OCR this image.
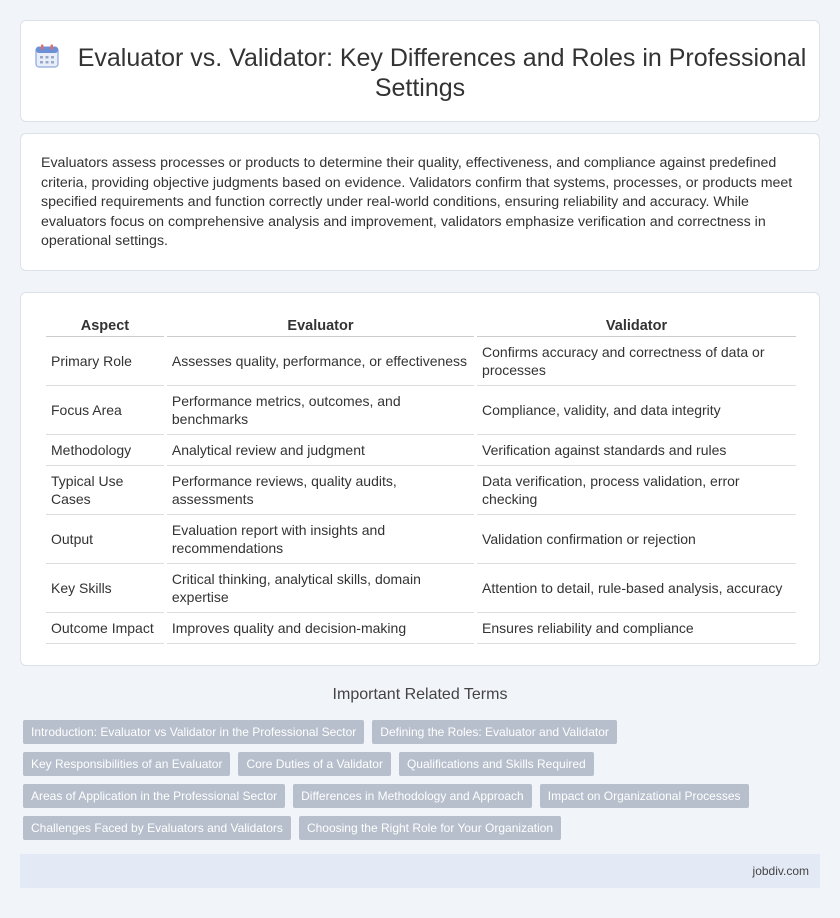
Evaluator vs. Validator: Key Differences and Roles in Professional Settings

Evaluators assess processes or products to determine their quality, effectiveness, and compliance against predefined criteria, providing objective judgments based on evidence. Validators confirm that systems, processes, or products meet specified requirements and function correctly under real-world conditions, ensuring reliability and accuracy. While evaluators focus on comprehensive analysis and improvement, validators emphasize verification and correctness in operational settings.

Aspect	Evaluator	Validator
Primary Role	Assesses quality, performance, or effectiveness	Confirms accuracy and correctness of data or processes
Focus Area	Performance metrics, outcomes, and benchmarks	Compliance, validity, and data integrity
Methodology	Analytical review and judgment	Verification against standards and rules
Typical Use Cases	Performance reviews, quality audits, assessments	Data verification, process validation, error checking
Output	Evaluation report with insights and recommendations	Validation confirmation or rejection
Key Skills	Critical thinking, analytical skills, domain expertise	Attention to detail, rule-based analysis, accuracy
Outcome Impact	Improves quality and decision-making	Ensures reliability and compliance
Important Related Terms
Introduction: Evaluator vs Validator in the Professional Sector	Defining the Roles: Evaluator and Validator
Key Responsibilities of an Evaluator	Core Duties of a Validator	Qualifications and Skills Required
Areas of Application in the Professional Sector	Differences in Methodology and Approach	Impact on Organizational Processes
Challenges Faced by Evaluators and Validators	Choosing the Right Role for Your Organization
jobdiv.com
